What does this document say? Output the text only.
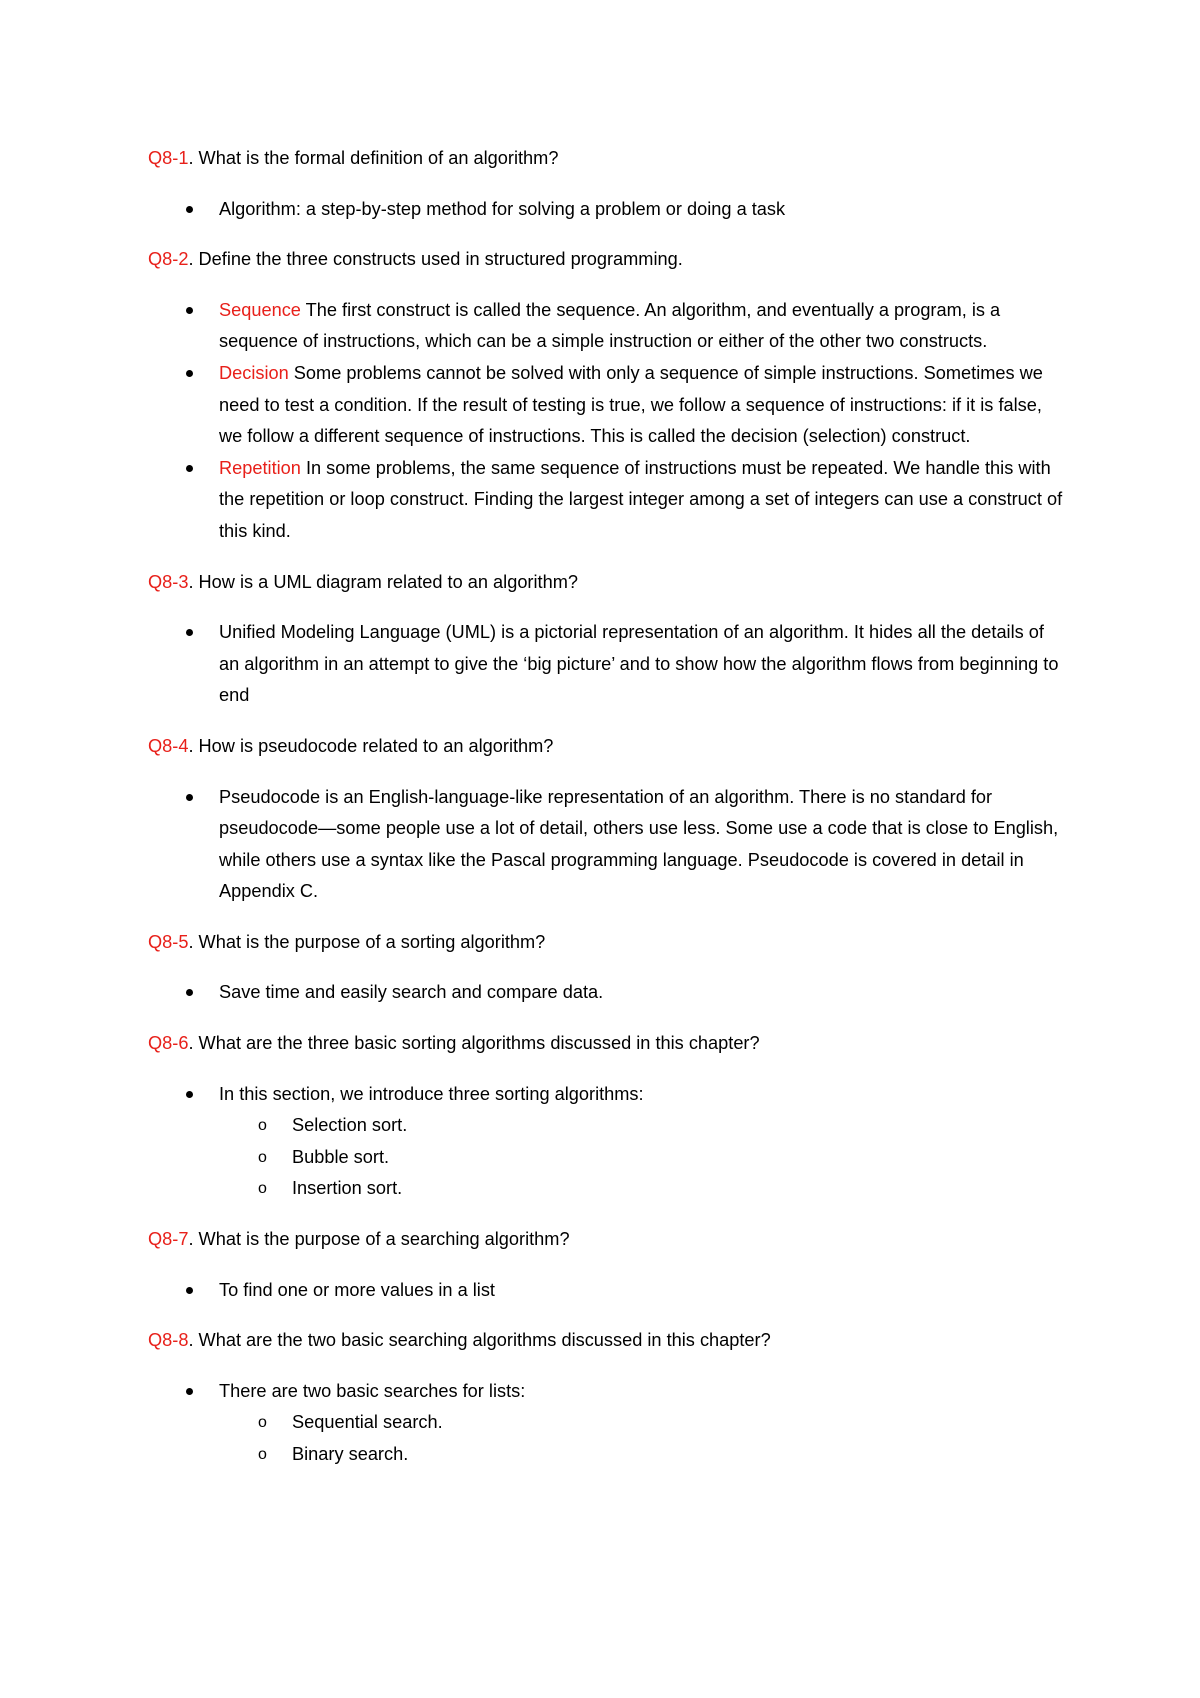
Q8-1. What is the formal definition of an algorithm?

Algorithm: a step-by-step method for solving a problem or doing a task

Q8-2. Define the three constructs used in structured programming.

Sequence The first construct is called the sequence. An algorithm, and eventually a program, is a sequence of instructions, which can be a simple instruction or either of the other two constructs.
Decision Some problems cannot be solved with only a sequence of simple instructions. Sometimes we need to test a condition. If the result of testing is true, we follow a sequence of instructions: if it is false, we follow a different sequence of instructions. This is called the decision (selection) construct.
Repetition In some problems, the same sequence of instructions must be repeated. We handle this with the repetition or loop construct. Finding the largest integer among a set of integers can use a construct of this kind.

Q8-3. How is a UML diagram related to an algorithm?

Unified Modeling Language (UML) is a pictorial representation of an algorithm. It hides all the details of an algorithm in an attempt to give the ‘big picture’ and to show how the algorithm flows from beginning to end

Q8-4. How is pseudocode related to an algorithm?

Pseudocode is an English-language-like representation of an algorithm. There is no standard for pseudocode—some people use a lot of detail, others use less. Some use a code that is close to English, while others use a syntax like the Pascal programming language. Pseudocode is covered in detail in Appendix C.

Q8-5. What is the purpose of a sorting algorithm?

Save time and easily search and compare data.

Q8-6. What are the three basic sorting algorithms discussed in this chapter?

In this section, we introduce three sorting algorithms:
o Selection sort.
o Bubble sort.
o Insertion sort.

Q8-7. What is the purpose of a searching algorithm?

To find one or more values in a list

Q8-8. What are the two basic searching algorithms discussed in this chapter?

There are two basic searches for lists:
o Sequential search.
o Binary search.
